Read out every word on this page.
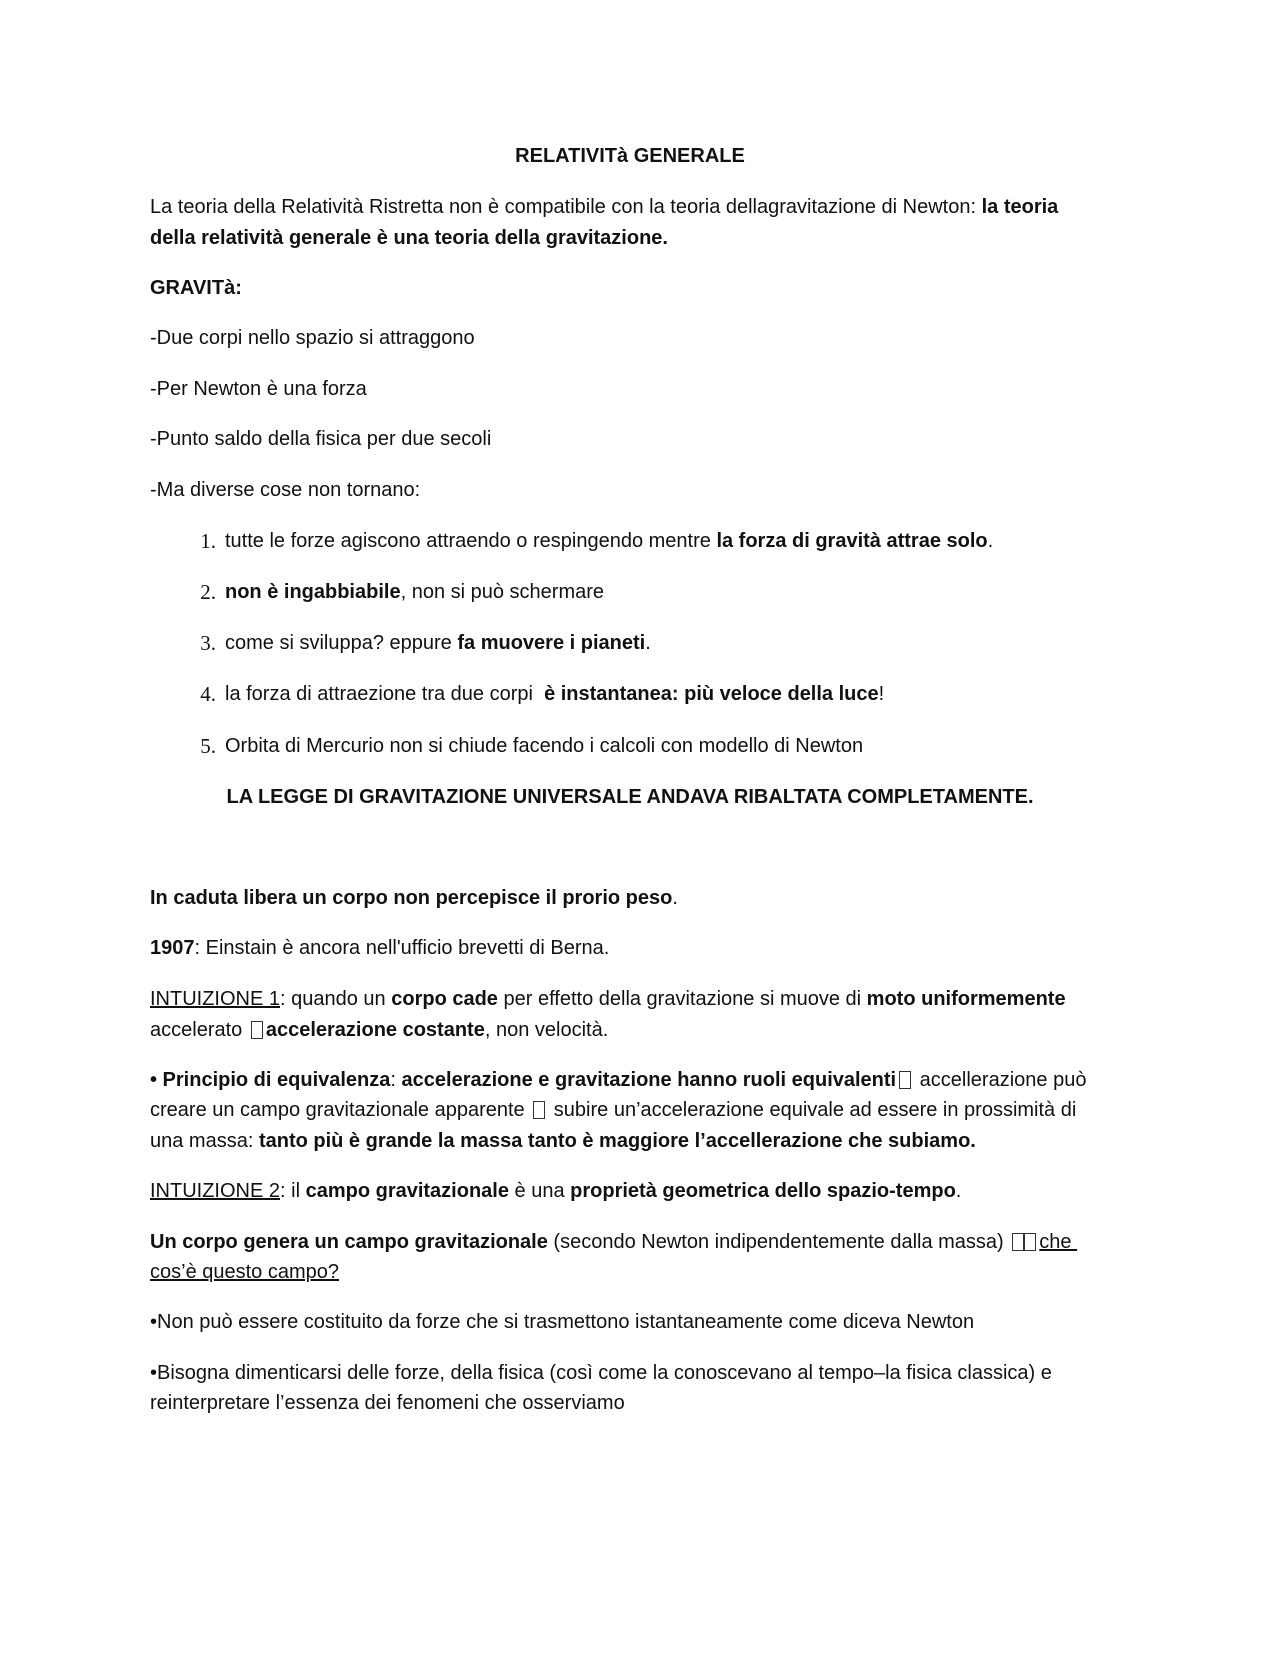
RELATIVITà GENERALE
La teoria della Relatività Ristretta non è compatibile con la teoria dellagravitazione di Newton: la teoria
della relatività generale è una teoria della gravitazione.
GRAVITà:
-Due corpi nello spazio si attraggono
-Per Newton è una forza
-Punto saldo della fisica per due secoli
-Ma diverse cose non tornano:
1. tutte le forze agiscono attraendo o respingendo mentre la forza di gravità attrae solo.
2. non è ingabbiabile, non si può schermare
3. come si sviluppa? eppure fa muovere i pianeti.
4. la forza di attraezione tra due corpi  è instantanea: più veloce della luce!
5. Orbita di Mercurio non si chiude facendo i calcoli con modello di Newton
LA LEGGE DI GRAVITAZIONE UNIVERSALE ANDAVA RIBALTATA COMPLETAMENTE.
In caduta libera un corpo non percepisce il prorio peso.
1907: Einstain è ancora nell'ufficio brevetti di Berna.
INTUIZIONE 1: quando un corpo cade per effetto della gravitazione si muove di moto uniformemente
accelerato accelerazione costante, non velocità.
• Principio di equivalenza: accelerazione e gravitazione hanno ruoli equivalenti accellerazione può
creare un campo gravitazionale apparente  subire un’accelerazione equivale ad essere in prossimità di
una massa: tanto più è grande la massa tanto è maggiore l’accellerazione che subiamo.
INTUIZIONE 2: il campo gravitazionale è una proprietà geometrica dello spazio-tempo.
Un corpo genera un campo gravitazionale (secondo Newton indipendentemente dalla massa) che
cos’è questo campo?
•Non può essere costituito da forze che si trasmettono istantaneamente come diceva Newton
•Bisogna dimenticarsi delle forze, della fisica (così come la conoscevano al tempo–la fisica classica) e
reinterpretare l’essenza dei fenomeni che osserviamo
